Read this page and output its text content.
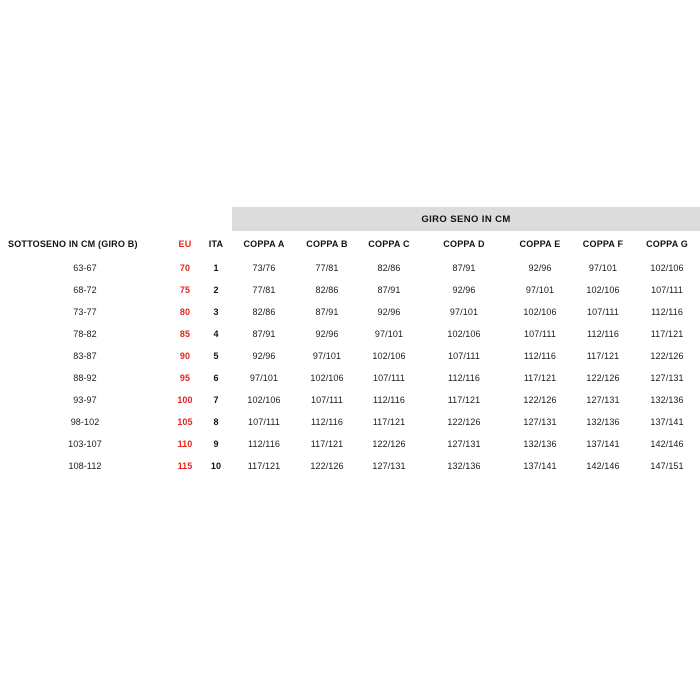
			GIRO SENO IN CM						
SOTTOSENO IN CM (GIRO B)	EU	ITA	COPPA A	COPPA B	COPPA C	COPPA D	COPPA E	COPPA F	COPPA G
63-67	70	1	73/76	77/81	82/86	87/91	92/96	97/101	102/106
68-72	75	2	77/81	82/86	87/91	92/96	97/101	102/106	107/111
73-77	80	3	82/86	87/91	92/96	97/101	102/106	107/111	112/116
78-82	85	4	87/91	92/96	97/101	102/106	107/111	112/116	117/121
83-87	90	5	92/96	97/101	102/106	107/111	112/116	117/121	122/126
88-92	95	6	97/101	102/106	107/111	112/116	117/121	122/126	127/131
93-97	100	7	102/106	107/111	112/116	117/121	122/126	127/131	132/136
98-102	105	8	107/111	112/116	117/121	122/126	127/131	132/136	137/141
103-107	110	9	112/116	117/121	122/126	127/131	132/136	137/141	142/146
108-112	115	10	117/121	122/126	127/131	132/136	137/141	142/146	147/151
